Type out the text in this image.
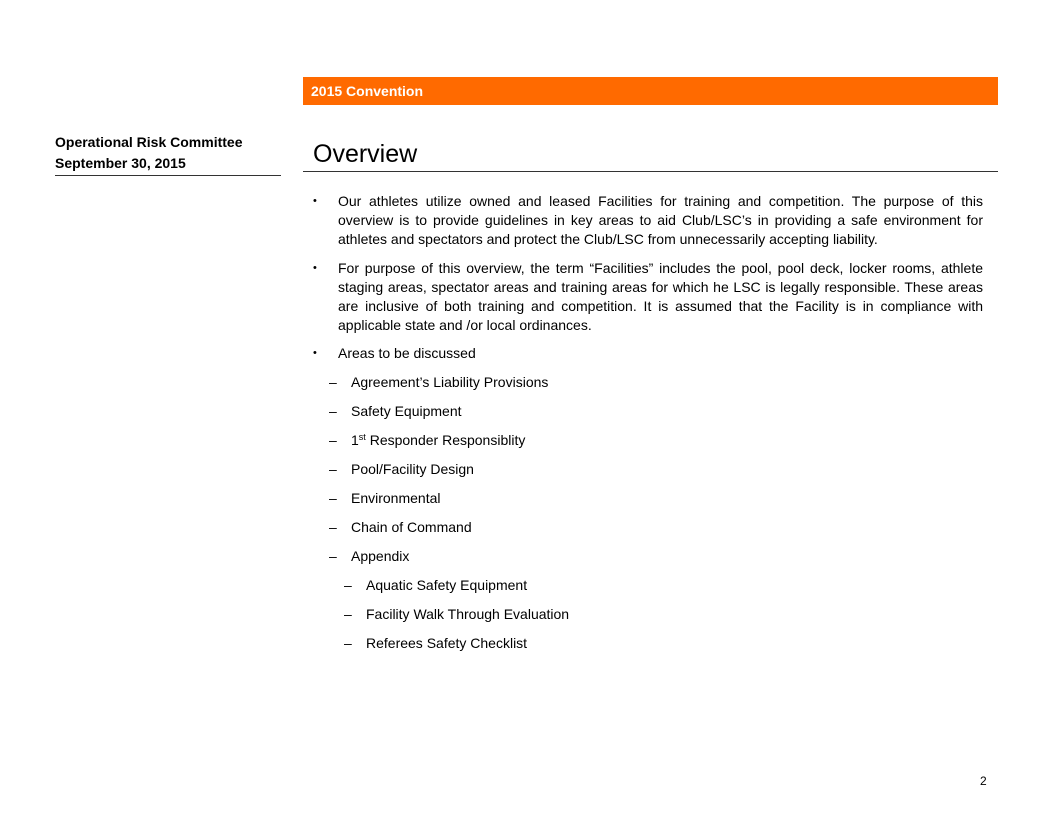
2015 Convention
Operational Risk Committee
September 30, 2015	Overview
• Our athletes utilize owned and leased Facilities for training and competition. The purpose of this overview is to provide guidelines in key areas to aid Club/LSC’s in providing a safe environment for athletes and spectators and protect the Club/LSC from unnecessarily accepting liability.
• For purpose of this overview, the term “Facilities” includes the pool, pool deck, locker rooms, athlete staging areas, spectator areas and training areas for which he LSC is legally responsible. These areas are inclusive of both training and competition. It is assumed that the Facility is in compliance with applicable state and /or local ordinances.
• Areas to be discussed
– Agreement’s Liability Provisions
– Safety Equipment
– 1st Responder Responsiblity
– Pool/Facility Design
– Environmental
– Chain of Command
– Appendix
– Aquatic Safety Equipment
– Facility Walk Through Evaluation
– Referees Safety Checklist
2
